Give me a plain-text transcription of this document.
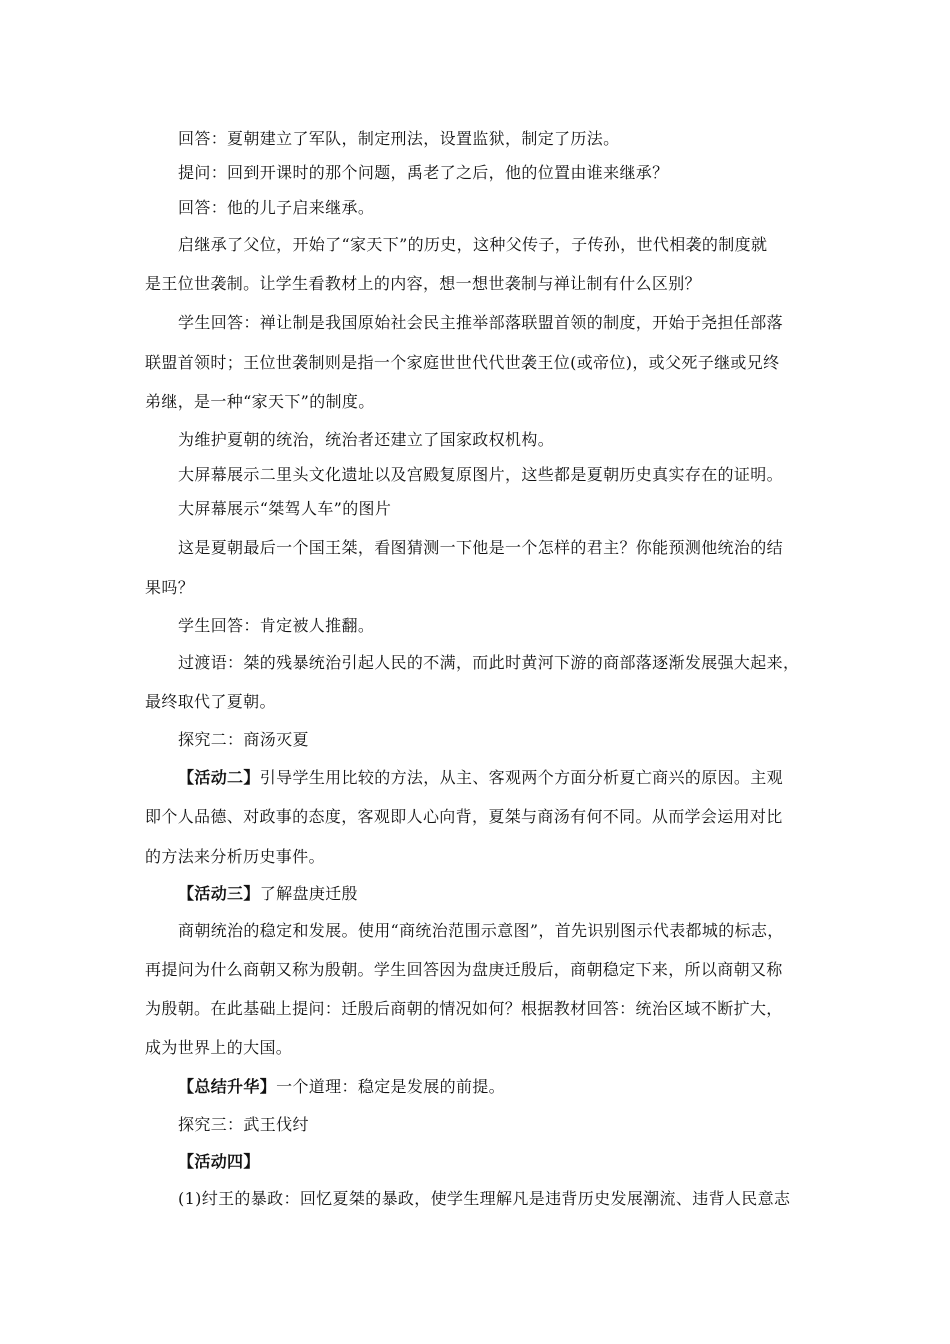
回答：夏朝建立了军队，制定刑法，设置监狱，制定了历法。
提问：回到开课时的那个问题，禹老了之后，他的位置由谁来继承？
回答：他的儿子启来继承。
启继承了父位，开始了“家天下”的历史，这种父传子，子传孙，世代相袭的制度就
是王位世袭制。让学生看教材上的内容，想一想世袭制与禅让制有什么区别？
学生回答：禅让制是我国原始社会民主推举部落联盟首领的制度，开始于尧担任部落
联盟首领时；王位世袭制则是指一个家庭世世代代世袭王位(或帝位)，或父死子继或兄终
弟继，是一种“家天下”的制度。
为维护夏朝的统治，统治者还建立了国家政权机构。
大屏幕展示二里头文化遗址以及宫殿复原图片，这些都是夏朝历史真实存在的证明。
大屏幕展示“桀驾人车”的图片
这是夏朝最后一个国王桀，看图猜测一下他是一个怎样的君主？你能预测他统治的结
果吗？
学生回答：肯定被人推翻。
过渡语：桀的残暴统治引起人民的不满，而此时黄河下游的商部落逐渐发展强大起来，
最终取代了夏朝。
探究二：商汤灭夏
【活动二】引导学生用比较的方法，从主、客观两个方面分析夏亡商兴的原因。主观
即个人品德、对政事的态度，客观即人心向背，夏桀与商汤有何不同。从而学会运用对比
的方法来分析历史事件。
【活动三】了解盘庚迁殷
商朝统治的稳定和发展。使用“商统治范围示意图”，首先识别图示代表都城的标志，
再提问为什么商朝又称为殷朝。学生回答因为盘庚迁殷后，商朝稳定下来，所以商朝又称
为殷朝。在此基础上提问：迁殷后商朝的情况如何？根据教材回答：统治区域不断扩大，
成为世界上的大国。
【总结升华】一个道理：稳定是发展的前提。
探究三：武王伐纣
【活动四】
(1)纣王的暴政：回忆夏桀的暴政，使学生理解凡是违背历史发展潮流、违背人民意志
